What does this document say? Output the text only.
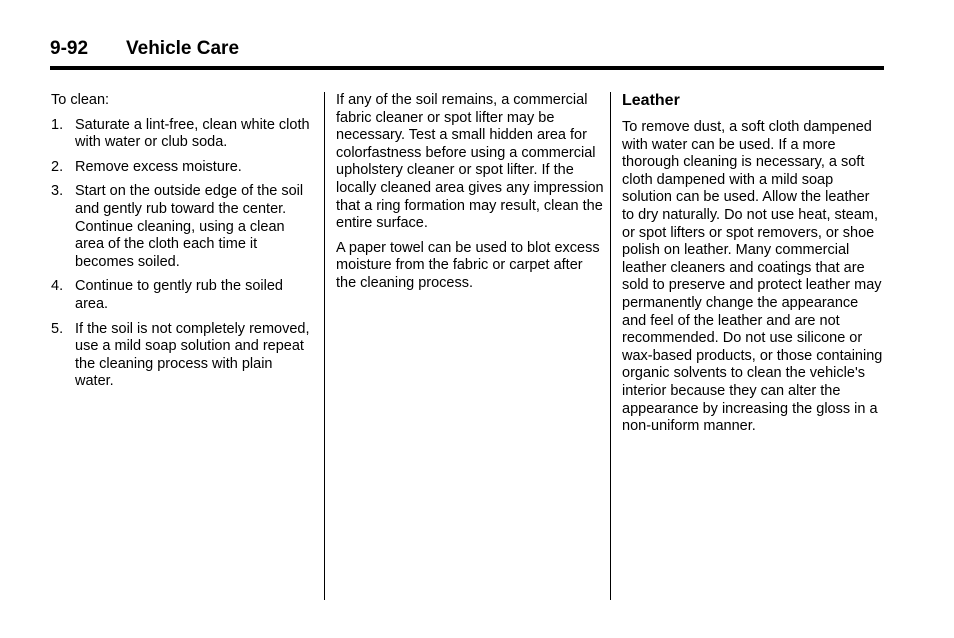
9-92 Vehicle Care

To clean:

1. Saturate a lint-free, clean white cloth with water or club soda.
2. Remove excess moisture.
3. Start on the outside edge of the soil and gently rub toward the center. Continue cleaning, using a clean area of the cloth each time it becomes soiled.
4. Continue to gently rub the soiled area.
5. If the soil is not completely removed, use a mild soap solution and repeat the cleaning process with plain water.

If any of the soil remains, a commercial fabric cleaner or spot lifter may be necessary. Test a small hidden area for colorfastness before using a commercial upholstery cleaner or spot lifter. If the locally cleaned area gives any impression that a ring formation may result, clean the entire surface.

A paper towel can be used to blot excess moisture from the fabric or carpet after the cleaning process.

Leather

To remove dust, a soft cloth dampened with water can be used. If a more thorough cleaning is necessary, a soft cloth dampened with a mild soap solution can be used. Allow the leather to dry naturally. Do not use heat, steam, or spot lifters or spot removers, or shoe polish on leather. Many commercial leather cleaners and coatings that are sold to preserve and protect leather may permanently change the appearance and feel of the leather and are not recommended. Do not use silicone or wax-based products, or those containing organic solvents to clean the vehicle's interior because they can alter the appearance by increasing the gloss in a non-uniform manner.
